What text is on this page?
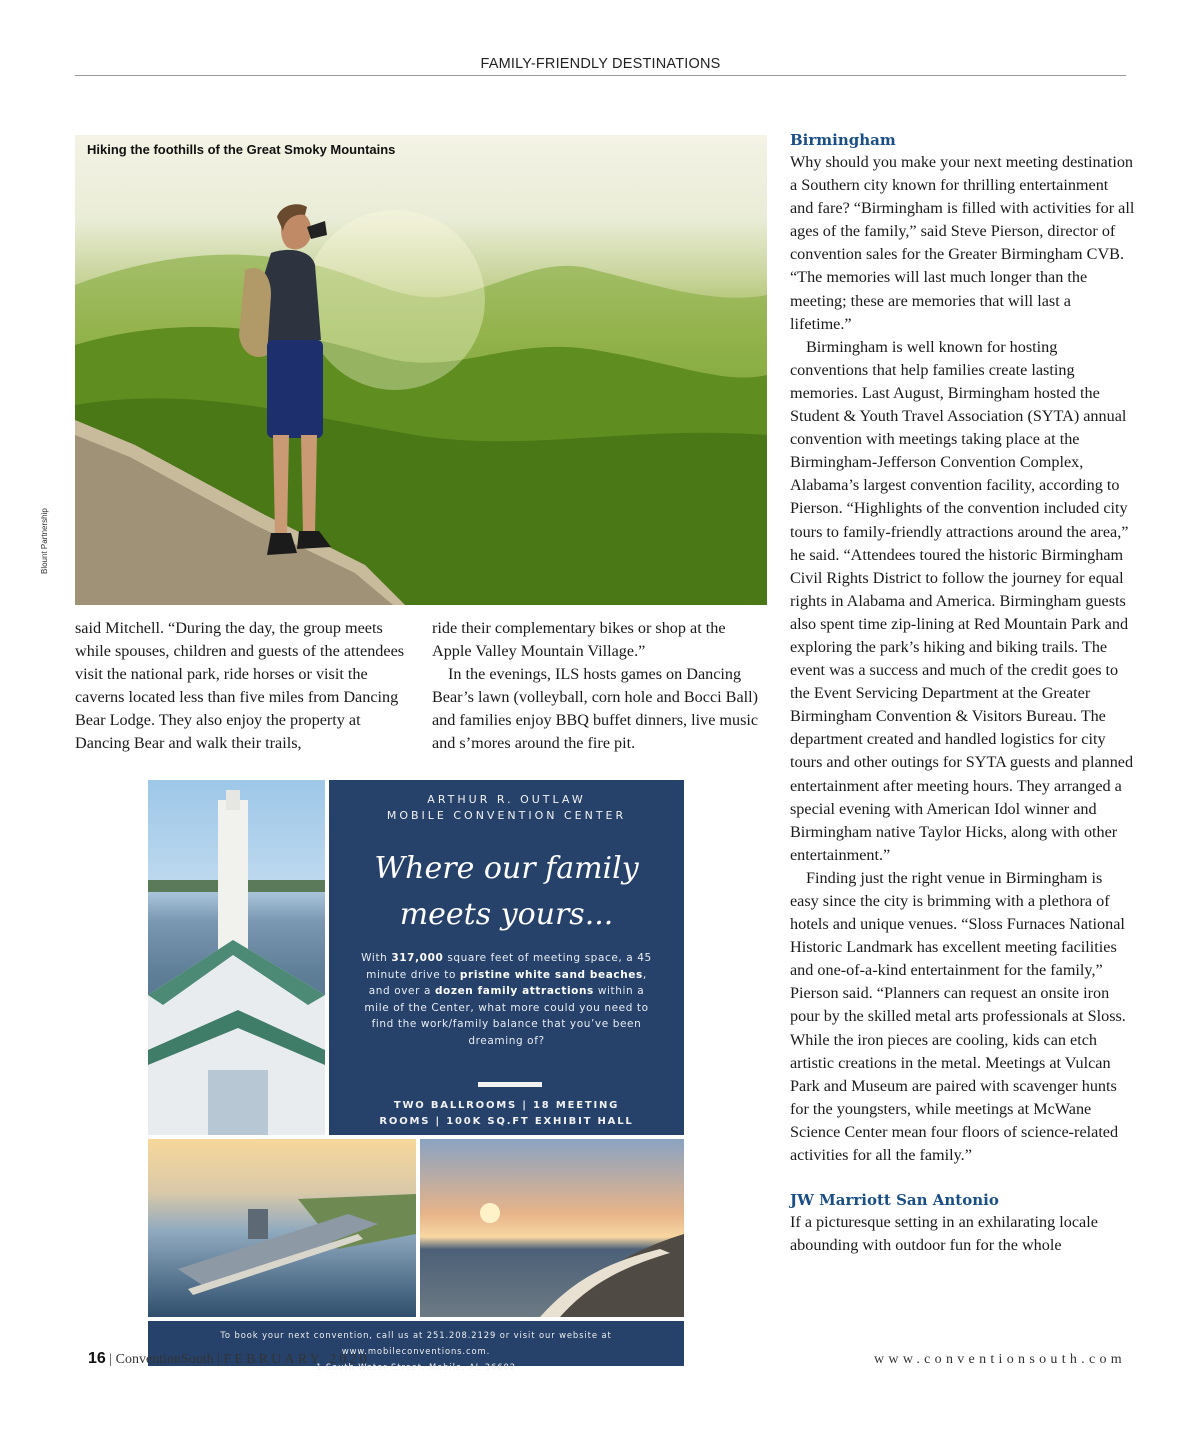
FAMILY-FRIENDLY DESTINATIONS
Hiking the foothills of the Great Smoky Mountains
Blount Partnership

said Mitchell. “During the day, the group meets while spouses, children and guests of the attendees visit the national park, ride horses or visit the caverns located less than five miles from Dancing Bear Lodge. They also enjoy the property at Dancing Bear and walk their trails,

ride their complementary bikes or shop at the Apple Valley Mountain Village.”

In the evenings, ILS hosts games on Dancing Bear’s lawn (volleyball, corn hole and Bocci Ball) and families enjoy BBQ buffet dinners, live music and s’mores around the fire pit.

Birmingham

Why should you make your next meeting destination a Southern city known for thrilling entertainment and fare? “Birmingham is filled with activities for all ages of the family,” said Steve Pierson, director of convention sales for the Greater Birmingham CVB. “The memories will last much longer than the meeting; these are memories that will last a lifetime.”

Birmingham is well known for hosting conventions that help families create lasting memories. Last August, Birmingham hosted the Student & Youth Travel Association (SYTA) annual convention with meetings taking place at the Birmingham-Jefferson Convention Complex, Alabama’s largest convention facility, according to Pierson. “Highlights of the convention included city tours to family-friendly attractions around the area,” he said. “Attendees toured the historic Birmingham Civil Rights District to follow the journey for equal rights in Alabama and America. Birmingham guests also spent time zip-lining at Red Mountain Park and exploring the park’s hiking and biking trails. The event was a success and much of the credit goes to the Event Servicing Department at the Greater Birmingham Convention & Visitors Bureau. The department created and handled logistics for city tours and other outings for SYTA guests and planned entertainment after meeting hours. They arranged a special evening with American Idol winner and Birmingham native Taylor Hicks, along with other entertainment.”

Finding just the right venue in Birmingham is easy since the city is brimming with a plethora of hotels and unique venues. “Sloss Furnaces National Historic Landmark has excellent meeting facilities and one-of-a-kind entertainment for the family,” Pierson said. “Planners can request an onsite iron pour by the skilled metal arts professionals at Sloss. While the iron pieces are cooling, kids can etch artistic creations in the metal. Meetings at Vulcan Park and Museum are paired with scavenger hunts for the youngsters, while meetings at McWane Science Center mean four floors of science-related activities for all the family.”

JW Marriott San Antonio

If a picturesque setting in an exhilarating locale abounding with outdoor fun for the whole

ARTHUR R. OUTLAW
MOBILE CONVENTION CENTER
Where our family
meets yours...
With 317,000 square feet of meeting space, a 45 minute drive to pristine white sand beaches, and over a dozen family attractions within a mile of the Center, what more could you need to find the work/family balance that you’ve been dreaming of?
TWO BALLROOMS | 18 MEETING
ROOMS | 100K SQ.FT EXHIBIT HALL
To book your next convention, call us at 251.208.2129 or visit our website at www.mobileconventions.com.
1 South Water Street, Mobile, AL 36602
16 | ConventionSouth | FEBRUARY 2020	www.conventionsouth.com
